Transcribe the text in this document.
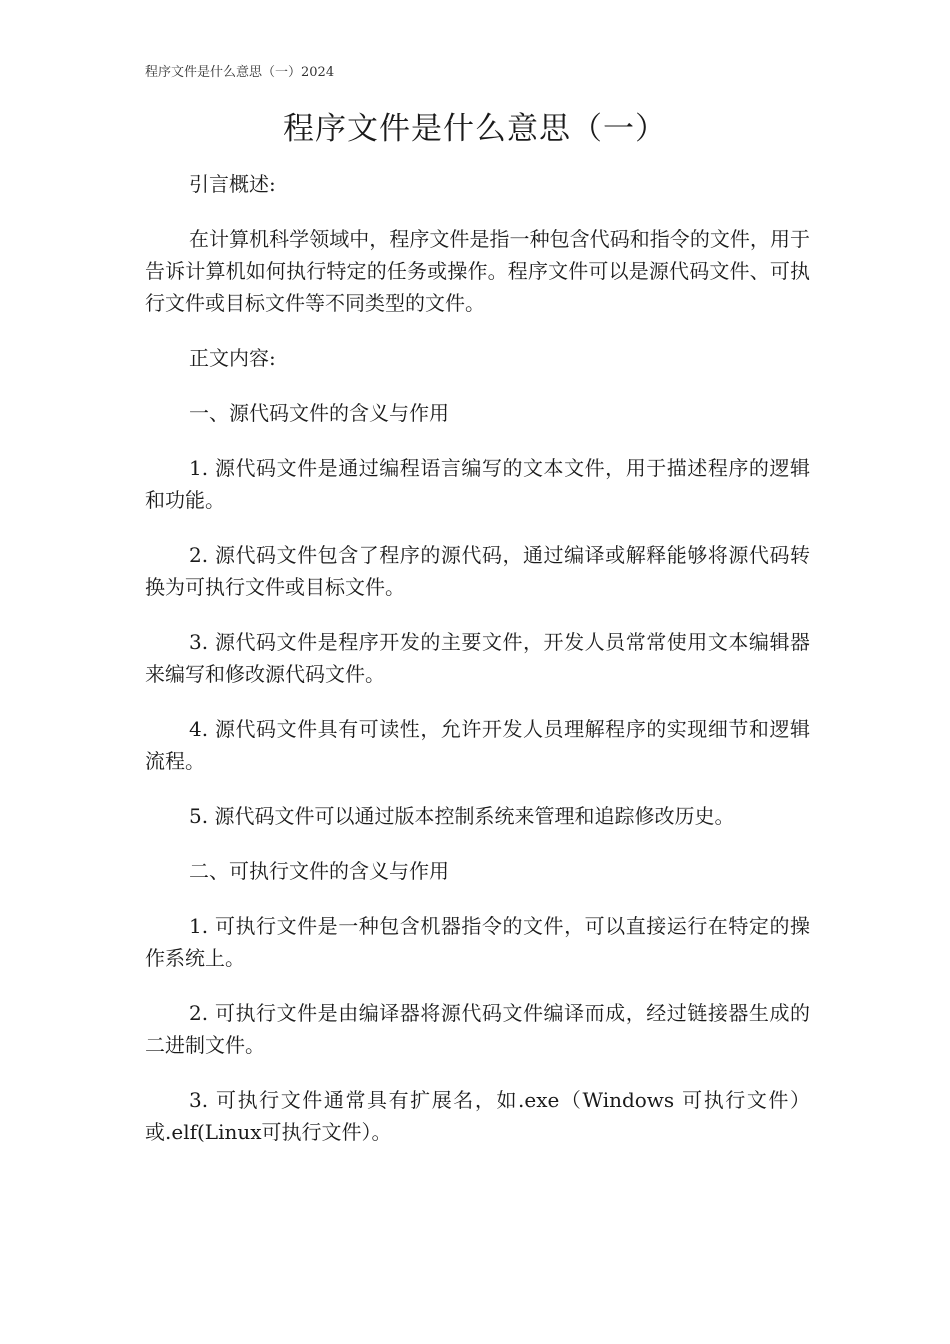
程序文件是什么意思（一）2024
程序文件是什么意思（一）

引言概述:

在计算机科学领域中，程序文件是指一种包含代码和指令的文件，用于告诉计算机如何执行特定的任务或操作。程序文件可以是源代码文件、可执行文件或目标文件等不同类型的文件。

正文内容:

一、源代码文件的含义与作用

1. 源代码文件是通过编程语言编写的文本文件，用于描述程序的逻辑和功能。

2. 源代码文件包含了程序的源代码，通过编译或解释能够将源代码转换为可执行文件或目标文件。

3. 源代码文件是程序开发的主要文件，开发人员常常使用文本编辑器来编写和修改源代码文件。

4. 源代码文件具有可读性，允许开发人员理解程序的实现细节和逻辑流程。

5. 源代码文件可以通过版本控制系统来管理和追踪修改历史。

二、可执行文件的含义与作用

1. 可执行文件是一种包含机器指令的文件，可以直接运行在特定的操作系统上。

2. 可执行文件是由编译器将源代码文件编译而成，经过链接器生成的二进制文件。

3. 可执行文件通常具有扩展名，如.exe（Windows 可执行文件）或.elf(Linux可执行文件）。
